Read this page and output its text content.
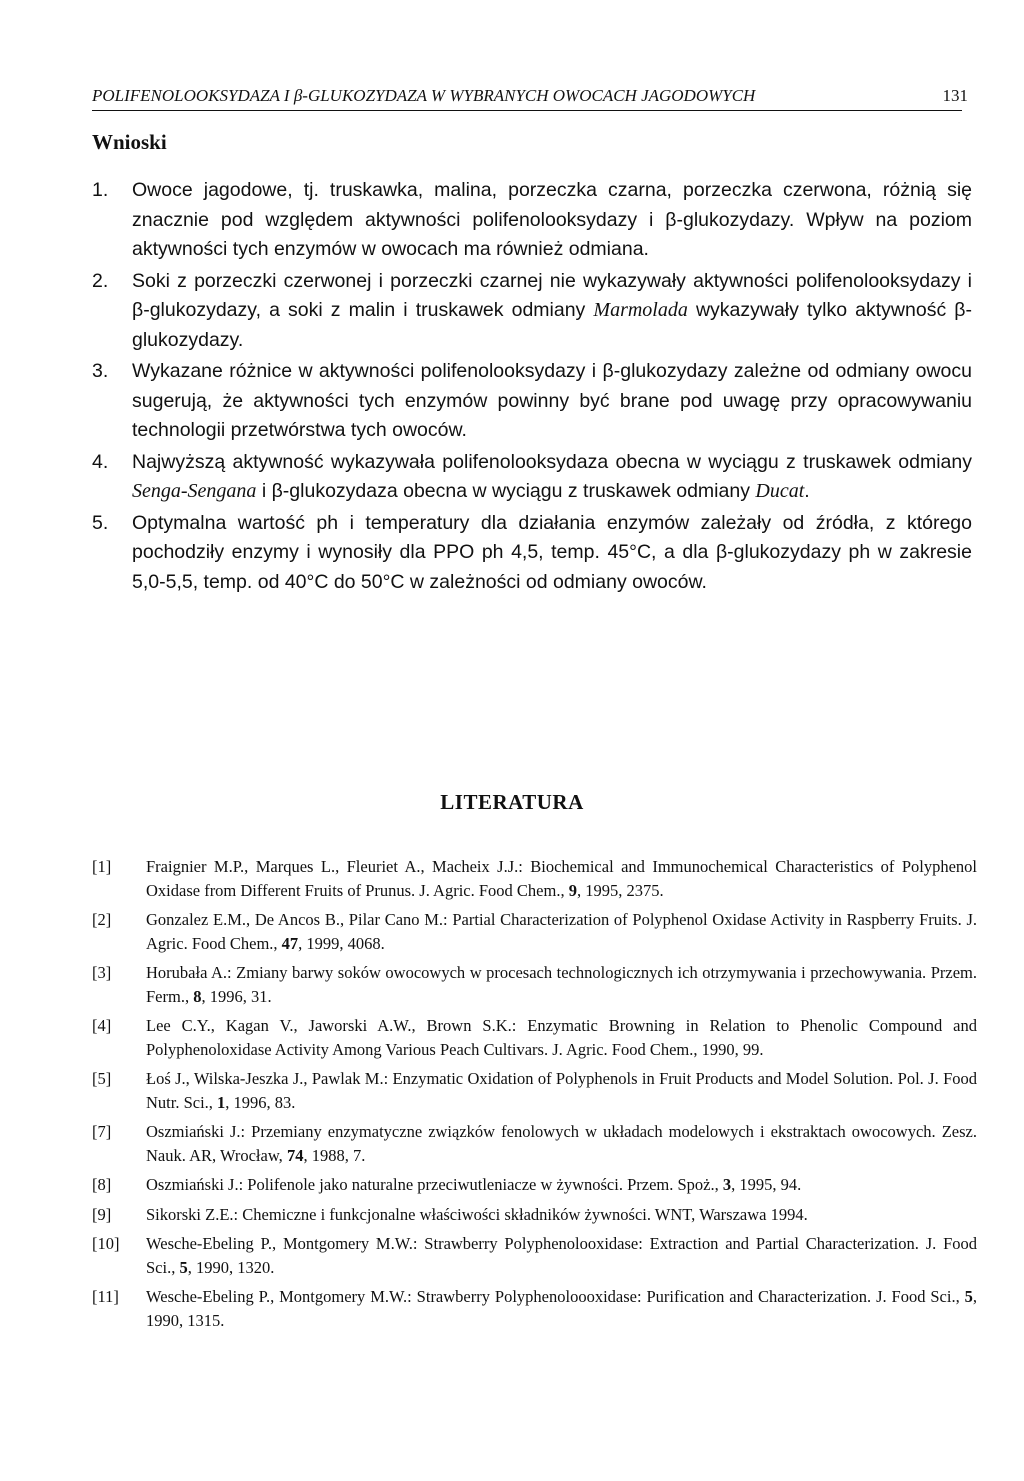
POLIFENOLOOKSYDAZA I β-GLUKOZYDAZA W WYBRANYCH OWOCACH JAGODOWYCH	131
Wnioski
1. Owoce jagodowe, tj. truskawka, malina, porzeczka czarna, porzeczka czerwona, różnią się znacznie pod względem aktywności polifenolooksydazy i β-glukozydazy. Wpływ na poziom aktywności tych enzymów w owocach ma również odmiana.
2. Soki z porzeczki czerwonej i porzeczki czarnej nie wykazywały aktywności polifenolooksydazy i β-glukozydazy, a soki z malin i truskawek odmiany Marmolada wykazywały tylko aktywność β-glukozydazy.
3. Wykazane różnice w aktywności polifenolooksydazy i β-glukozydazy zależne od odmiany owocu sugerują, że aktywności tych enzymów powinny być brane pod uwagę przy opracowywaniu technologii przetwórstwa tych owoców.
4. Najwyższą aktywność wykazywała polifenolooksydaza obecna w wyciągu z truskawek odmiany Senga-Sengana i β-glukozydaza obecna w wyciągu z truskawek odmiany Ducat.
5. Optymalna wartość ph i temperatury dla działania enzymów zależały od źródła, z którego pochodziły enzymy i wynosiły dla PPO ph 4,5, temp. 45°C, a dla β-glukozydazy ph w zakresie 5,0-5,5, temp. od 40°C do 50°C w zależności od odmiany owoców.
LITERATURA
[1] Fraignier M.P., Marques L., Fleuriet A., Macheix J.J.: Biochemical and Immunochemical Characteristics of Polyphenol Oxidase from Different Fruits of Prunus. J. Agric. Food Chem., 9, 1995, 2375.
[2] Gonzalez E.M., De Ancos B., Pilar Cano M.: Partial Characterization of Polyphenol Oxidase Activity in Raspberry Fruits. J. Agric. Food Chem., 47, 1999, 4068.
[3] Horubała A.: Zmiany barwy soków owocowych w procesach technologicznych ich otrzymywania i przechowywania. Przem. Ferm., 8, 1996, 31.
[4] Lee C.Y., Kagan V., Jaworski A.W., Brown S.K.: Enzymatic Browning in Relation to Phenolic Compound and Polyphenoloxidase Activity Among Various Peach Cultivars. J. Agric. Food Chem., 1990, 99.
[5] Łoś J., Wilska-Jeszka J., Pawlak M.: Enzymatic Oxidation of Polyphenols in Fruit Products and Model Solution. Pol. J. Food Nutr. Sci., 1, 1996, 83.
[7] Oszmiański J.: Przemiany enzymatyczne związków fenolowych w układach modelowych i ekstraktach owocowych. Zesz. Nauk. AR, Wrocław, 74, 1988, 7.
[8] Oszmiański J.: Polifenole jako naturalne przeciwutleniacze w żywności. Przem. Spoż., 3, 1995, 94.
[9] Sikorski Z.E.: Chemiczne i funkcjonalne właściwości składników żywności. WNT, Warszawa 1994.
[10] Wesche-Ebeling P., Montgomery M.W.: Strawberry Polyphenolooxidase: Extraction and Partial Characterization. J. Food Sci., 5, 1990, 1320.
[11] Wesche-Ebeling P., Montgomery M.W.: Strawberry Polyphenoloooxidase: Purification and Characterization. J. Food Sci., 5, 1990, 1315.
